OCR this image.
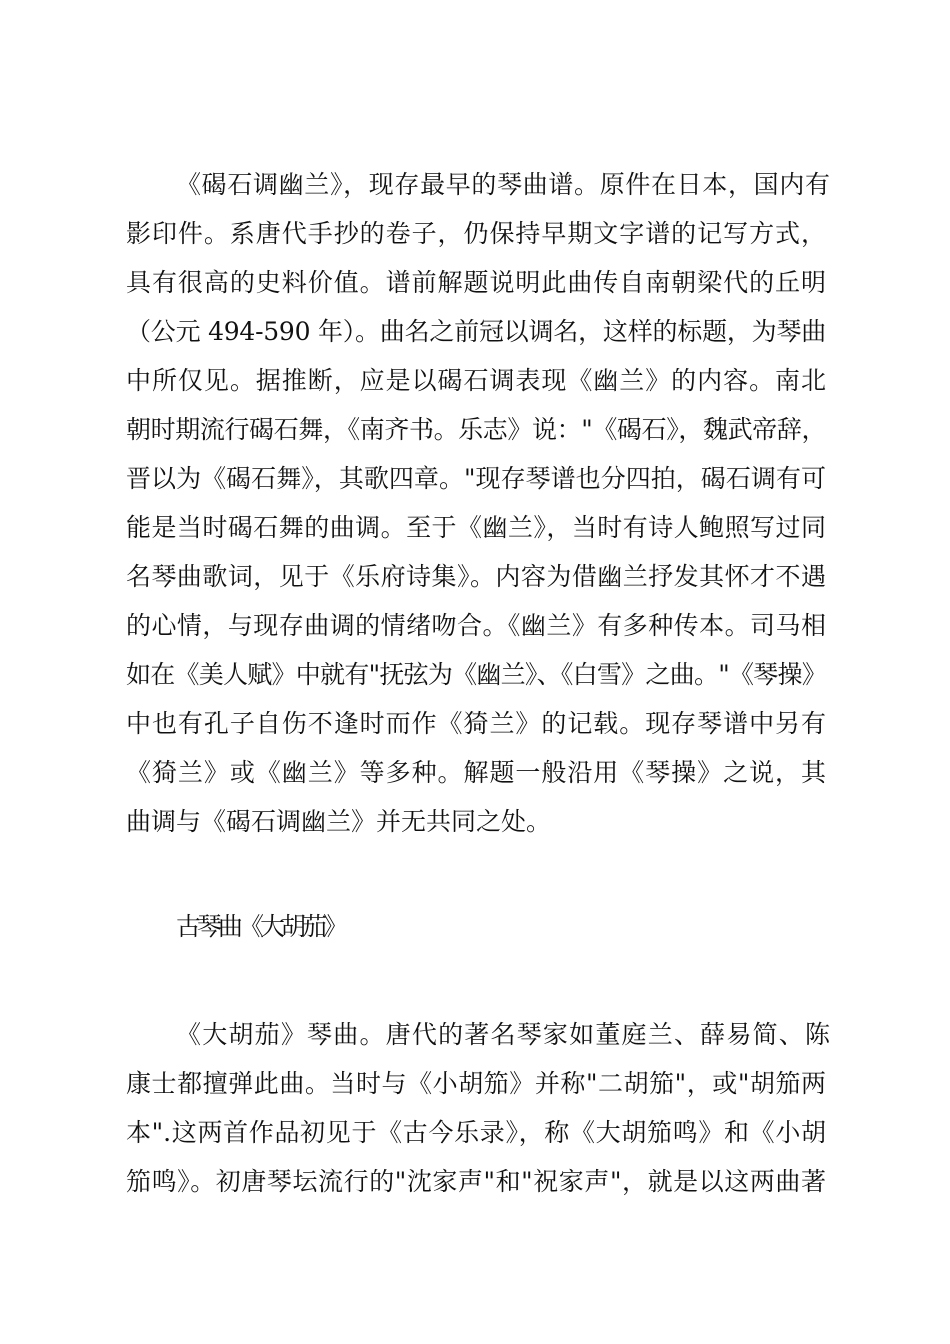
《碣石调幽兰》，现存最早的琴曲谱。原件在日本，国内有
影印件。系唐代手抄的卷子，仍保持早期文字谱的记写方式，
具有很高的史料价值。谱前解题说明此曲传自南朝梁代的丘明
（公元 494-590 年）。曲名之前冠以调名，这样的标题，为琴曲
中所仅见。据推断，应是以碣石调表现《幽兰》的内容。南北
朝时期流行碣石舞，《南齐书。乐志》说："《碣石》，魏武帝辞，
晋以为《碣石舞》，其歌四章。"现存琴谱也分四拍，碣石调有可
能是当时碣石舞的曲调。至于《幽兰》，当时有诗人鲍照写过同
名琴曲歌词，见于《乐府诗集》。内容为借幽兰抒发其怀才不遇
的心情，与现存曲调的情绪吻合。《幽兰》有多种传本。司马相
如在《美人赋》中就有"抚弦为《幽兰》、《白雪》之曲。"《琴操》
中也有孔子自伤不逢时而作《猗兰》的记载。现存琴谱中另有
《猗兰》或《幽兰》等多种。解题一般沿用《琴操》之说，其
曲调与《碣石调幽兰》并无共同之处。
古琴曲《大胡茄》
《大胡茄》琴曲。唐代的著名琴家如董庭兰、薛易简、陈
康士都擅弹此曲。当时与《小胡笳》并称"二胡笳"，或"胡笳两
本".这两首作品初见于《古今乐录》，称《大胡笳鸣》和《小胡
笳鸣》。初唐琴坛流行的"沈家声"和"祝家声"，就是以这两曲著
